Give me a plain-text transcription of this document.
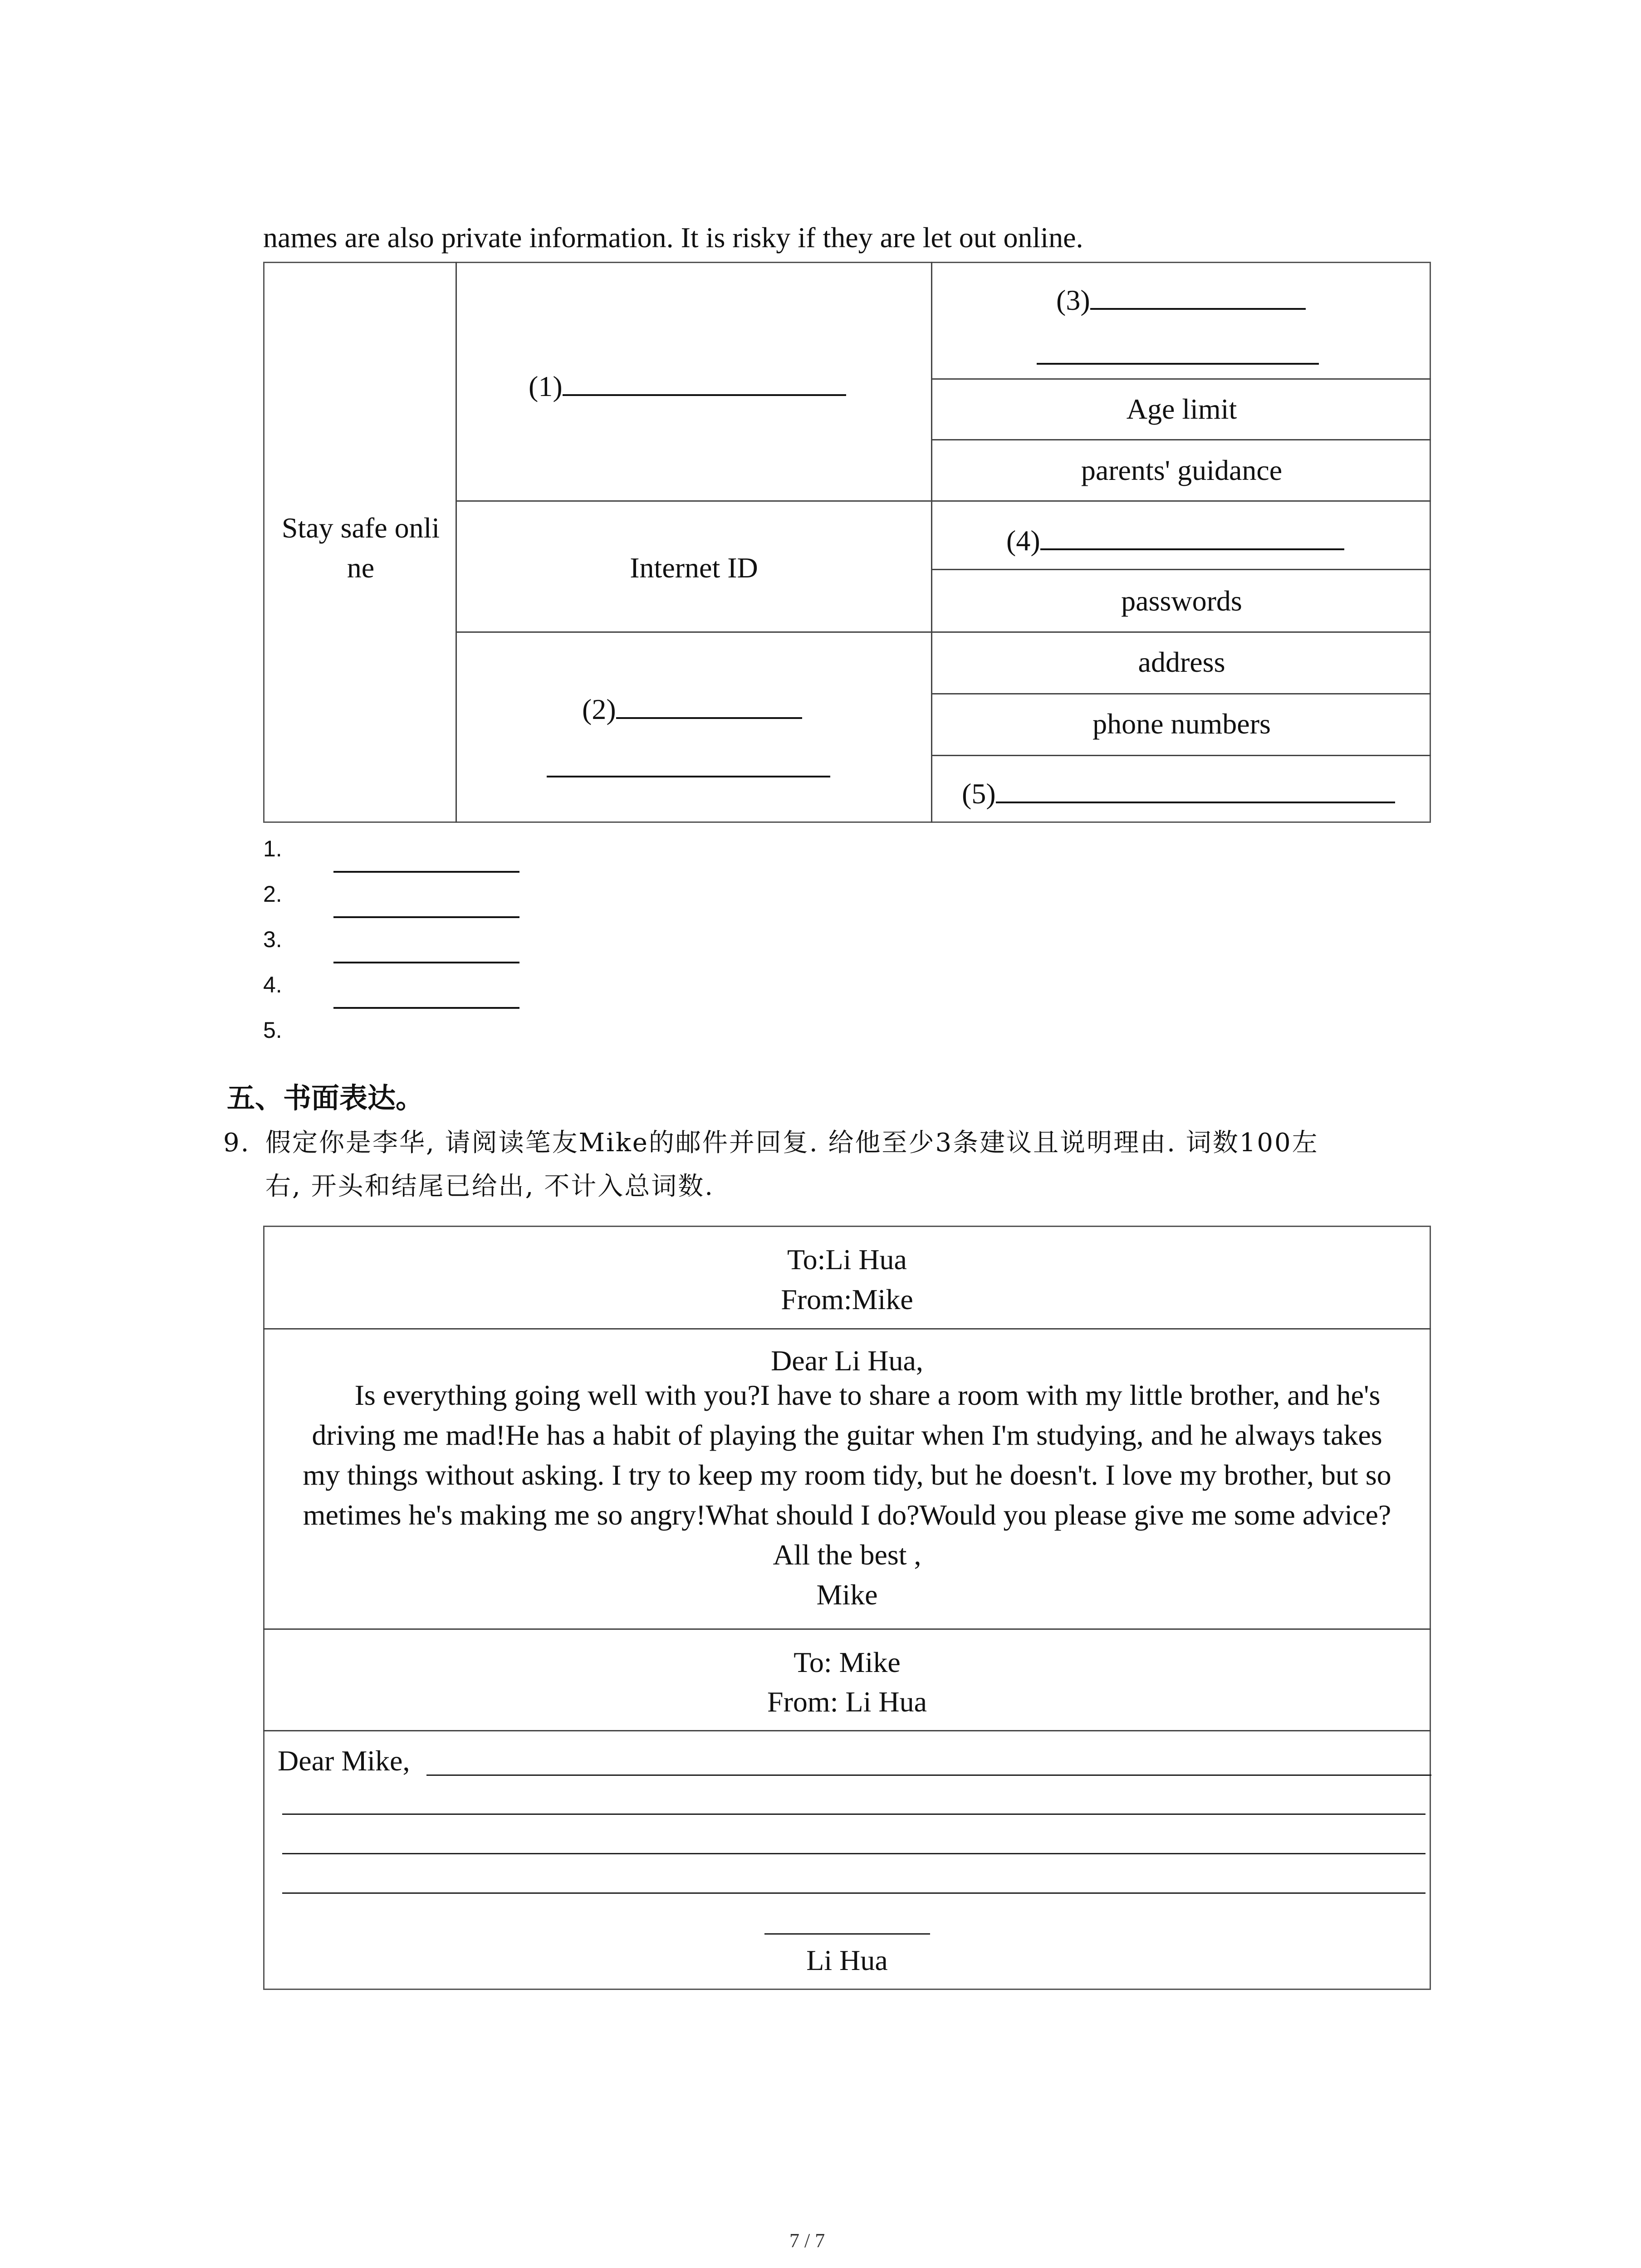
names are also private information. It is risky if they are let out online.
Stay safe onli
ne
(1)
(3)
Age limit
parents' guidance
Internet ID
(4)
passwords
(2)
address
phone numbers
(5)
1.
2.
3.
4.
5.
五、书面表达。
9. 假定你是李华, 请阅读笔友Mike的邮件并回复. 给他至少3条建议且说明理由. 词数100左
右, 开头和结尾已给出, 不计入总词数.
To:Li Hua
From:Mike
Dear Li Hua,
Is everything going well with you?I have to share a room with my little brother, and he's
driving me mad!He has a habit of playing the guitar when I'm studying, and he always takes
my things without asking. I try to keep my room tidy, but he doesn't. I love my brother, but so
metimes he's making me so angry!What should I do?Would you please give me some advice?
All the best ,
Mike
To: Mike
From: Li Hua
Dear Mike,
Li Hua
7 / 7
